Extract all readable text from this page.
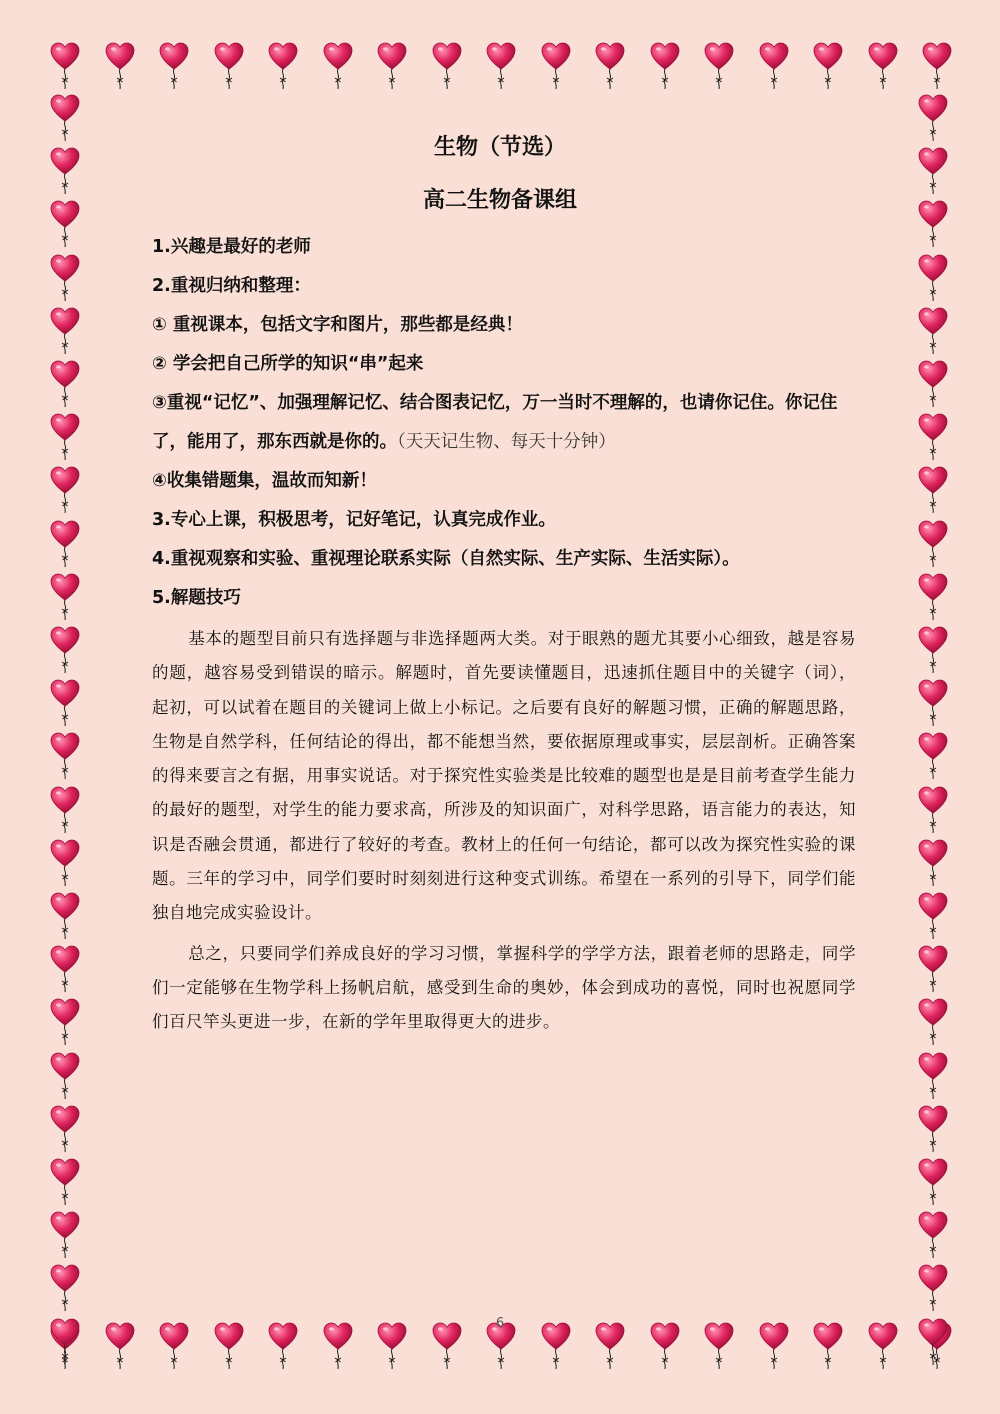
生物（节选）
高二生物备课组

1.兴趣是最好的老师

2.重视归纳和整理：

① 重视课本，包括文字和图片，那些都是经典！

② 学会把自己所学的知识“串”起来

③重视“记忆”、加强理解记忆、结合图表记忆，万一当时不理解的，也请你记住。你记住了，能用了，那东西就是你的。（天天记生物、每天十分钟）

④收集错题集，温故而知新！

3.专心上课，积极思考，记好笔记，认真完成作业。

4.重视观察和实验、重视理论联系实际（自然实际、生产实际、生活实际）。

5.解题技巧

基本的题型目前只有选择题与非选择题两大类。对于眼熟的题尤其要小心细致，越是容易的题，越容易受到错误的暗示。解题时，首先要读懂题目，迅速抓住题目中的关键字（词），起初，可以试着在题目的关键词上做上小标记。之后要有良好的解题习惯，正确的解题思路，生物是自然学科，任何结论的得出，都不能想当然，要依据原理或事实，层层剖析。正确答案的得来要言之有据，用事实说话。对于探究性实验类是比较难的题型也是是目前考查学生能力的最好的题型，对学生的能力要求高，所涉及的知识面广，对科学思路，语言能力的表达，知识是否融会贯通，都进行了较好的考查。教材上的任何一句结论，都可以改为探究性实验的课题。三年的学习中，同学们要时时刻刻进行这种变式训练。希望在一系列的引导下，同学们能独自地完成实验设计。

总之，只要同学们养成良好的学习习惯，掌握科学的学学方法，跟着老师的思路走，同学们一定能够在生物学科上扬帆启航，感受到生命的奥妙，体会到成功的喜悦，同时也祝愿同学们百尺竿头更进一步，在新的学年里取得更大的进步。

6
